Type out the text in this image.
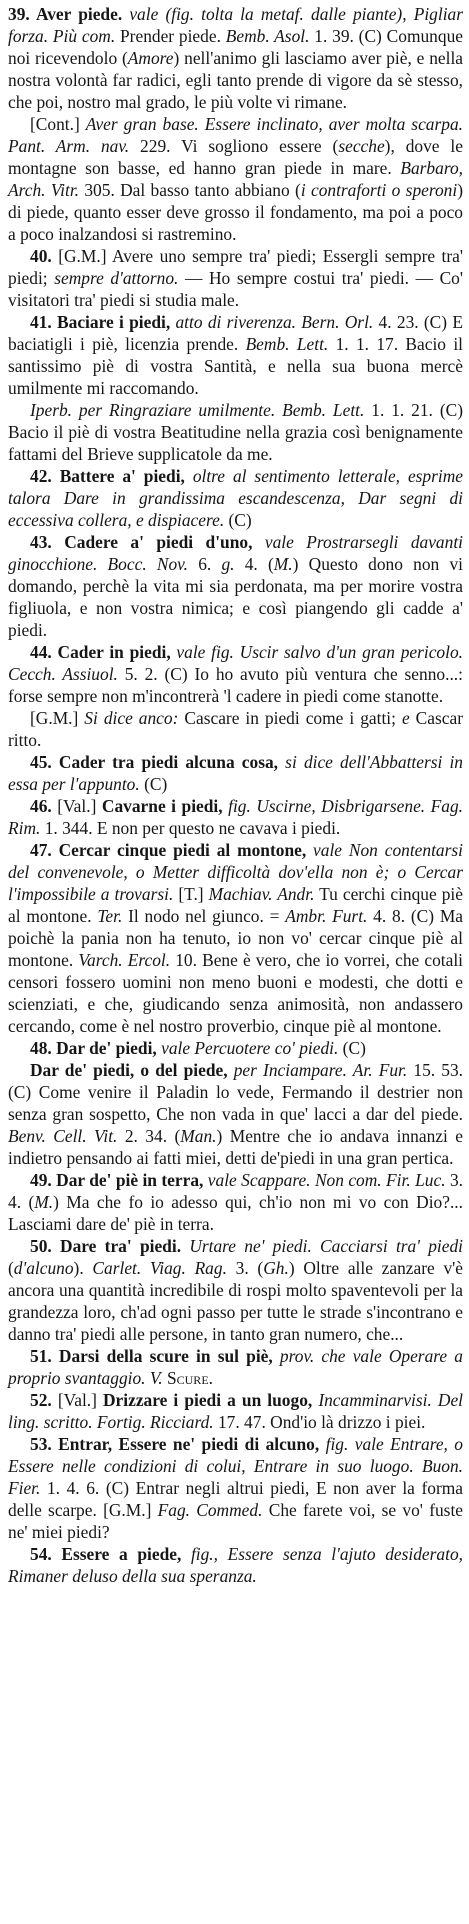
39. Aver piede. vale (fig. tolta la metaf. dalle piante), Pigliar forza. Più com. Prender piede. Bemb. Asol. 1. 39. (C) Comunque noi ricevendolo (Amore) nell'animo gli lasciamo aver piè, e nella nostra volontà far radici, egli tanto prende di vigore da sè stesso, che poi, nostro mal grado, le più volte vi rimane.

[Cont.] Aver gran base. Essere inclinato, aver molta scarpa. Pant. Arm. nav. 229. Vi sogliono essere (secche), dove le montagne son basse, ed hanno gran piede in mare. Barbaro, Arch. Vitr. 305. Dal basso tanto abbiano (i contraforti o speroni) di piede, quanto esser deve grosso il fondamento, ma poi a poco a poco inalzandosi si rastremino.

40. [G.M.] Avere uno sempre tra' piedi; Essergli sempre tra' piedi; sempre d'attorno. — Ho sempre costui tra' piedi. — Co' visitatori tra' piedi si studia male.

41. Baciare i piedi, atto di riverenza. Bern. Orl. 4. 23. (C) E baciatigli i piè, licenzia prende. Bemb. Lett. 1. 1. 17. Bacio il santissimo piè di vostra Santità, e nella sua buona mercè umilmente mi raccomando.

Iperb. per Ringraziare umilmente. Bemb. Lett. 1. 1. 21. (C) Bacio il piè di vostra Beatitudine nella grazia così benignamente fattami del Brieve supplicatole da me.

42. Battere a' piedi, oltre al sentimento letterale, esprime talora Dare in grandissima escandescenza, Dar segni di eccessiva collera, e dispiacere. (C)

43. Cadere a' piedi d'uno, vale Prostrarsegli davanti ginocchione. Bocc. Nov. 6. g. 4. (M.) Questo dono non vi domando, perchè la vita mi sia perdonata, ma per morire vostra figliuola, e non vostra nimica; e così piangendo gli cadde a' piedi.

44. Cader in piedi, vale fig. Uscir salvo d'un gran pericolo. Cecch. Assiuol. 5. 2. (C) Io ho avuto più ventura che senno...: forse sempre non m'incontrerà 'l cadere in piedi come stanotte.

[G.M.] Si dice anco: Cascare in piedi come i gatti; e Cascar ritto.

45. Cader tra piedi alcuna cosa, si dice dell'Abbattersi in essa per l'appunto. (C)

46. [Val.] Cavarne i piedi, fig. Uscirne, Disbrigarsene. Fag. Rim. 1. 344. E non per questo ne cavava i piedi.

47. Cercar cinque piedi al montone, vale Non contentarsi del convenevole, o Metter difficoltà dov'ella non è; o Cercar l'impossibile a trovarsi. [T.] Machiav. Andr. Tu cerchi cinque piè al montone. Ter. Il nodo nel giunco. = Ambr. Furt. 4. 8. (C) Ma poichè la pania non ha tenuto, io non vo' cercar cinque piè al montone. Varch. Ercol. 10. Bene è vero, che io vorrei, che cotali censori fossero uomini non meno buoni e modesti, che dotti e scienziati, e che, giudicando senza animosità, non andassero cercando, come è nel nostro proverbio, cinque piè al montone.

48. Dar de' piedi, vale Percuotere co' piedi. (C)

Dar de' piedi, o del piede, per Inciampare. Ar. Fur. 15. 53. (C) Come venire il Paladin lo vede, Fermando il destrier non senza gran sospetto, Che non vada in que' lacci a dar del piede. Benv. Cell. Vit. 2. 34. (Man.) Mentre che io andava innanzi e indietro pensando ai fatti miei, detti de'piedi in una gran pertica.

49. Dar de' piè in terra, vale Scappare. Non com. Fir. Luc. 3. 4. (M.) Ma che fo io adesso qui, ch'io non mi vo con Dio?... Lasciami dare de' piè in terra.

50. Dare tra' piedi. Urtare ne' piedi. Cacciarsi tra' piedi (d'alcuno). Carlet. Viag. Rag. 3. (Gh.) Oltre alle zanzare v'è ancora una quantità incredibile di rospi molto spaventevoli per la grandezza loro, ch'ad ogni passo per tutte le strade s'incontrano e danno tra' piedi alle persone, in tanto gran numero, che...

51. Darsi della scure in sul piè, prov. che vale Operare a proprio svantaggio. V. Scure.

52. [Val.] Drizzare i piedi a un luogo, Incamminarvisi. Del ling. scritto. Fortig. Ricciard. 17. 47. Ond'io là drizzo i piei.

53. Entrar, Essere ne' piedi di alcuno, fig. vale Entrare, o Essere nelle condizioni di colui, Entrare in suo luogo. Buon. Fier. 1. 4. 6. (C) Entrar negli altrui piedi, E non aver la forma delle scarpe. [G.M.] Fag. Commed. Che farete voi, se vo' fuste ne' miei piedi?

54. Essere a piede, fig., Essere senza l'ajuto desiderato, Rimaner deluso della sua speranza.
